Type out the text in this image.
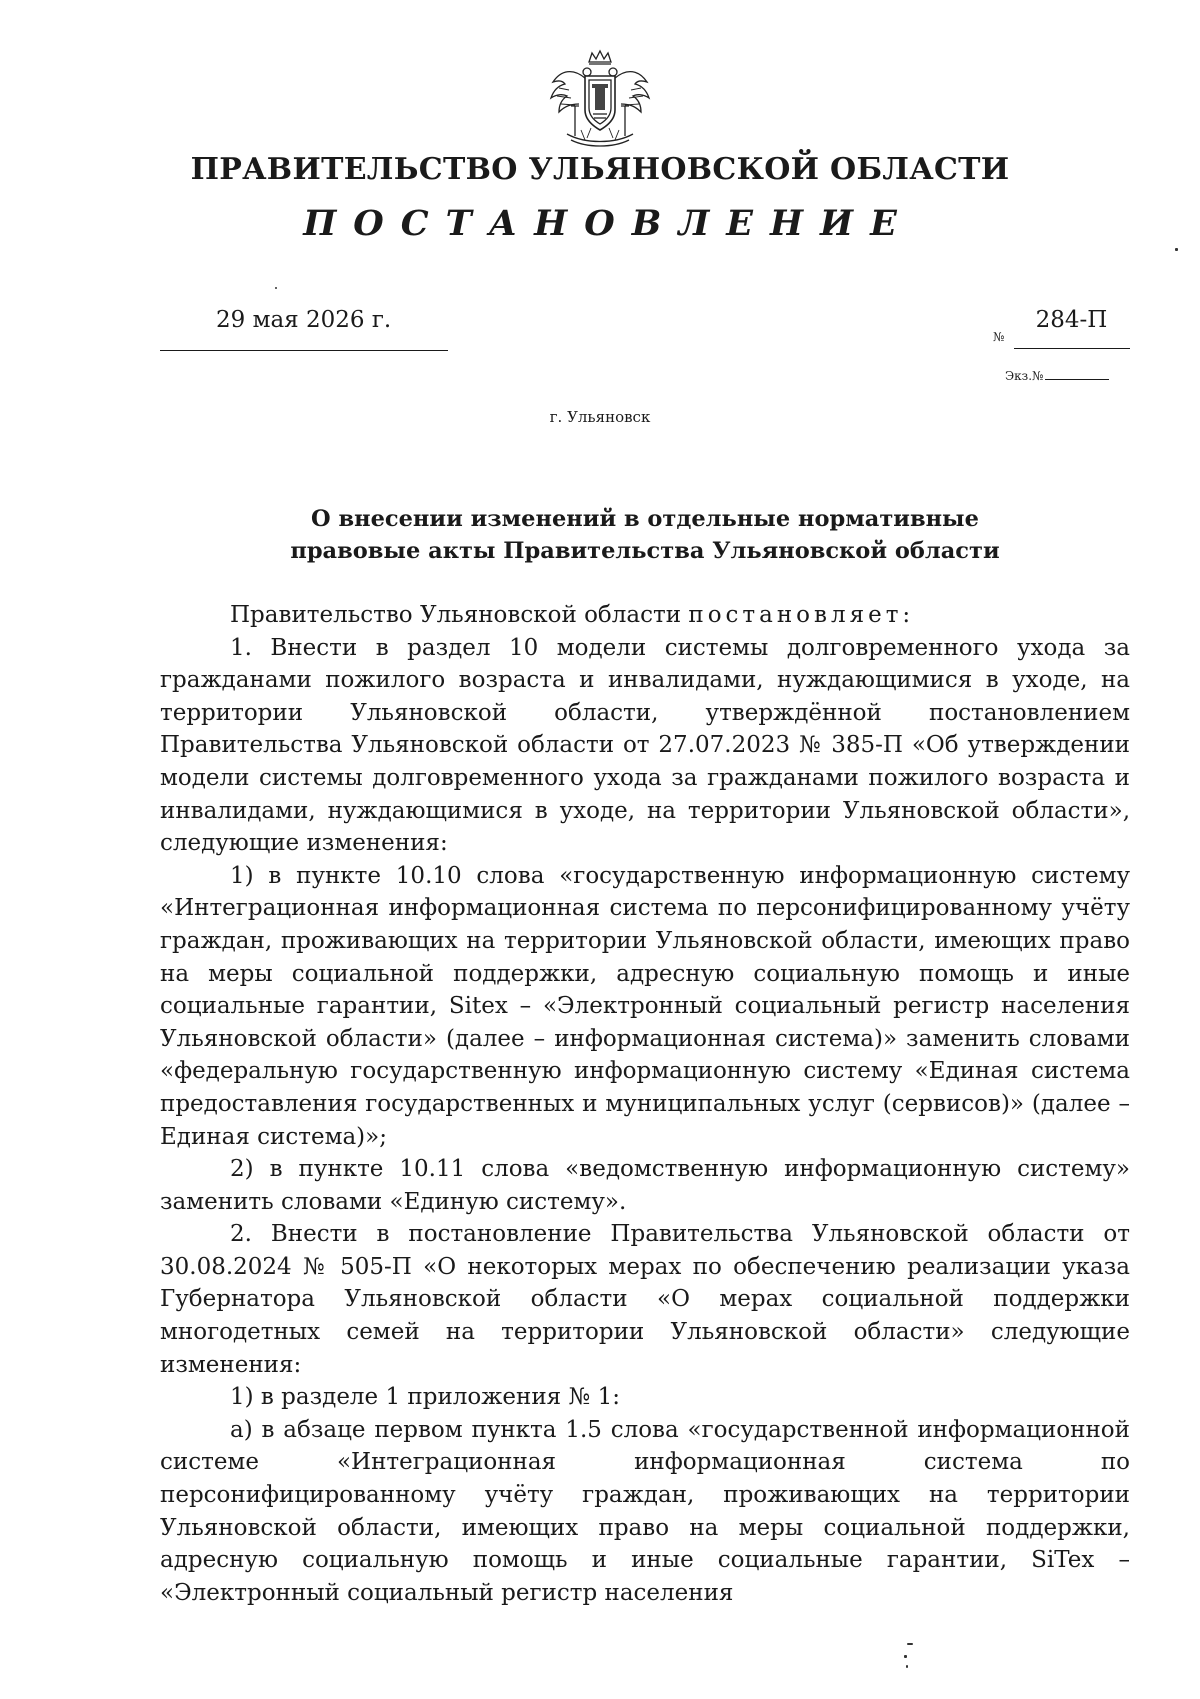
ПРАВИТЕЛЬСТВО УЛЬЯНОВСКОЙ ОБЛАСТИ
ПОСТАНОВЛЕНИЕ
29 мая 2026 г.
№
284-П
Экз.№
г. Ульяновск
О внесении изменений в отдельные нормативные
правовые акты Правительства Ульяновской области

Правительство Ульяновской области постановляет:

1. Внести в раздел 10 модели системы долговременного ухода за гражданами пожилого возраста и инвалидами, нуждающимися в уходе, на территории Ульяновской области, утверждённой постановлением Правительства Ульяновской области от 27.07.2023 № 385-П «Об утверждении модели системы долговременного ухода за гражданами пожилого возраста и инвалидами, нуждающимися в уходе, на территории Ульяновской области», следующие изменения:

1) в пункте 10.10 слова «государственную информационную систему «Интеграционная информационная система по персонифицированному учёту граждан, проживающих на территории Ульяновской области, имеющих право на меры социальной поддержки, адресную социальную помощь и иные социальные гарантии, Sitex – «Электронный социальный регистр населения Ульяновской области» (далее – информационная система)» заменить словами «федеральную государственную информационную систему «Единая система предоставления государственных и муниципальных услуг (сервисов)» (далее – Единая система)»;

2) в пункте 10.11 слова «ведомственную информационную систему» заменить словами «Единую систему».

2. Внести в постановление Правительства Ульяновской области от 30.08.2024 № 505-П «О некоторых мерах по обеспечению реализации указа Губернатора Ульяновской области «О мерах социальной поддержки многодетных семей на территории Ульяновской области» следующие изменения:

1) в разделе 1 приложения № 1:

а) в абзаце первом пункта 1.5 слова «государственной информационной системе «Интеграционная информационная система по персонифицированному учёту граждан, проживающих на территории Ульяновской области, имеющих право на меры социальной поддержки, адресную социальную помощь и иные социальные гарантии, SiTex – «Электронный социальный регистр населения
